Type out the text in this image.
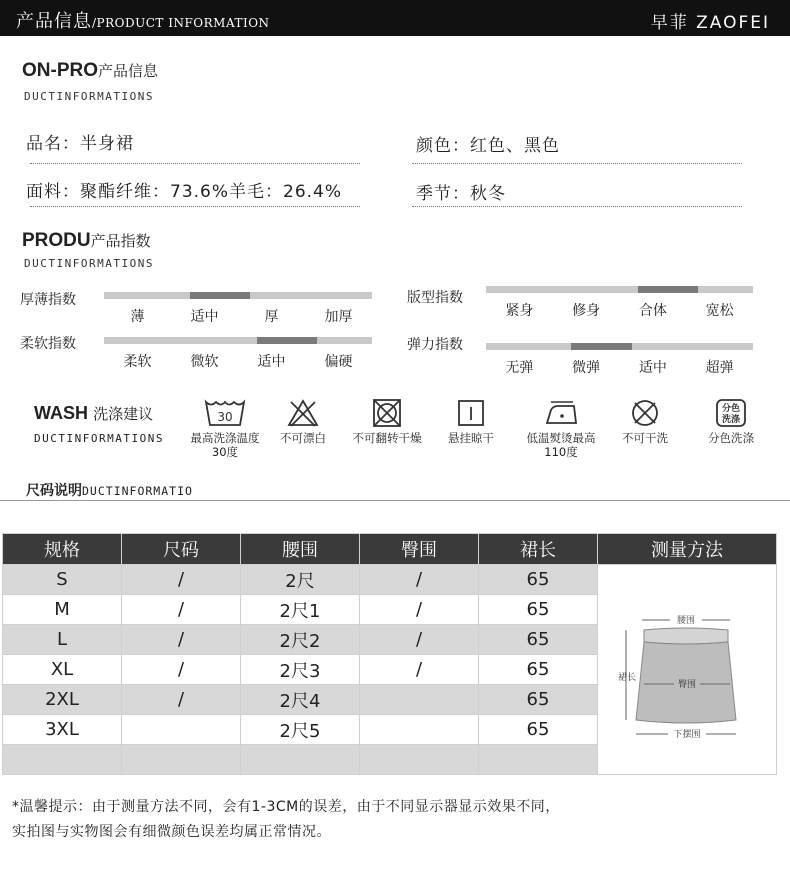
产品信息/PRODUCT INFORMATION	早菲 ZAOFEI
ON-PRO产品信息
DUCTINFORMATIONS
品名：半身裙	颜色：红色、黑色
面料：聚酯纤维：73.6%羊毛：26.4%	季节：秋冬
PRODU产品指数
DUCTINFORMATIONS
厚薄指数
薄	适中	厚	加厚
版型指数
紧身	修身	合体	宽松
柔软指数
柔软	微软	适中	偏硬
弹力指数
无弹	微弹	适中	超弹
WASH 洗涤建议
DUCTINFORMATIONS
30
最高洗涤温度30度
不可漂白	不可翻转干燥	悬挂晾干	低温熨烫最高110度
不可干洗
分色
洗涤
分色洗涤
尺码说明DUCTINFORMATIO
规格	尺码	腰围	臀围	裙长	测量方法
S	/	2尺	/	65	腰围
臀围
裙长
下摆围

M	/	2尺1	/	65	
L	/	2尺2	/	65	
XL	/	2尺3	/	65	
2XL	/	2尺4		65	
3XL		2尺5		65	

*温馨提示：由于测量方法不同，会有1-3CM的误差，由于不同显示器显示效果不同，
实拍图与实物图会有细微颜色误差均属正常情况。
